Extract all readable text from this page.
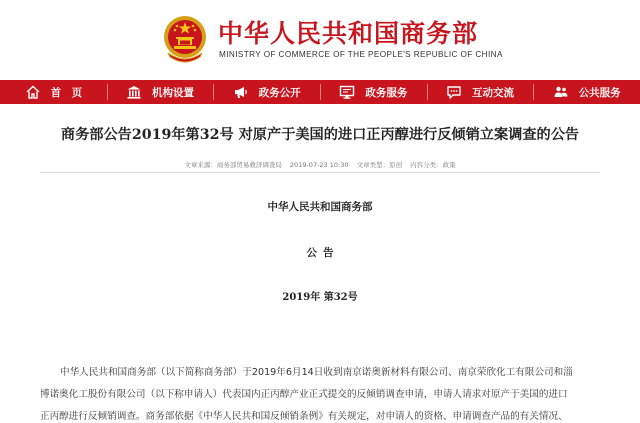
中华人民共和国商务部
MINISTRY OF COMMERCE OF THE PEOPLE'S REPUBLIC OF CHINA
首　页	机构设置	政务公开	政务服务	互动交流	公共服务
商务部公告2019年第32号 对原产于美国的进口正丙醇进行反倾销立案调查的公告
文章来源：商务部贸易救济调查局 2019-07-23 10:30 文章类型：原创 内容分类：政策
中华人民共和国商务部
公告
2019年 第32号
中华人民共和国商务部（以下简称商务部）于2019年6月14日收到南京诺奥新材料有限公司、南京荣欣化工有限公司和淄
博诺奥化工股份有限公司（以下称申请人）代表国内正丙醇产业正式提交的反倾销调查申请，申请人请求对原产于美国的进口
正丙醇进行反倾销调查。商务部依据《中华人民共和国反倾销条例》有关规定，对申请人的资格、申请调查产品的有关情况、
